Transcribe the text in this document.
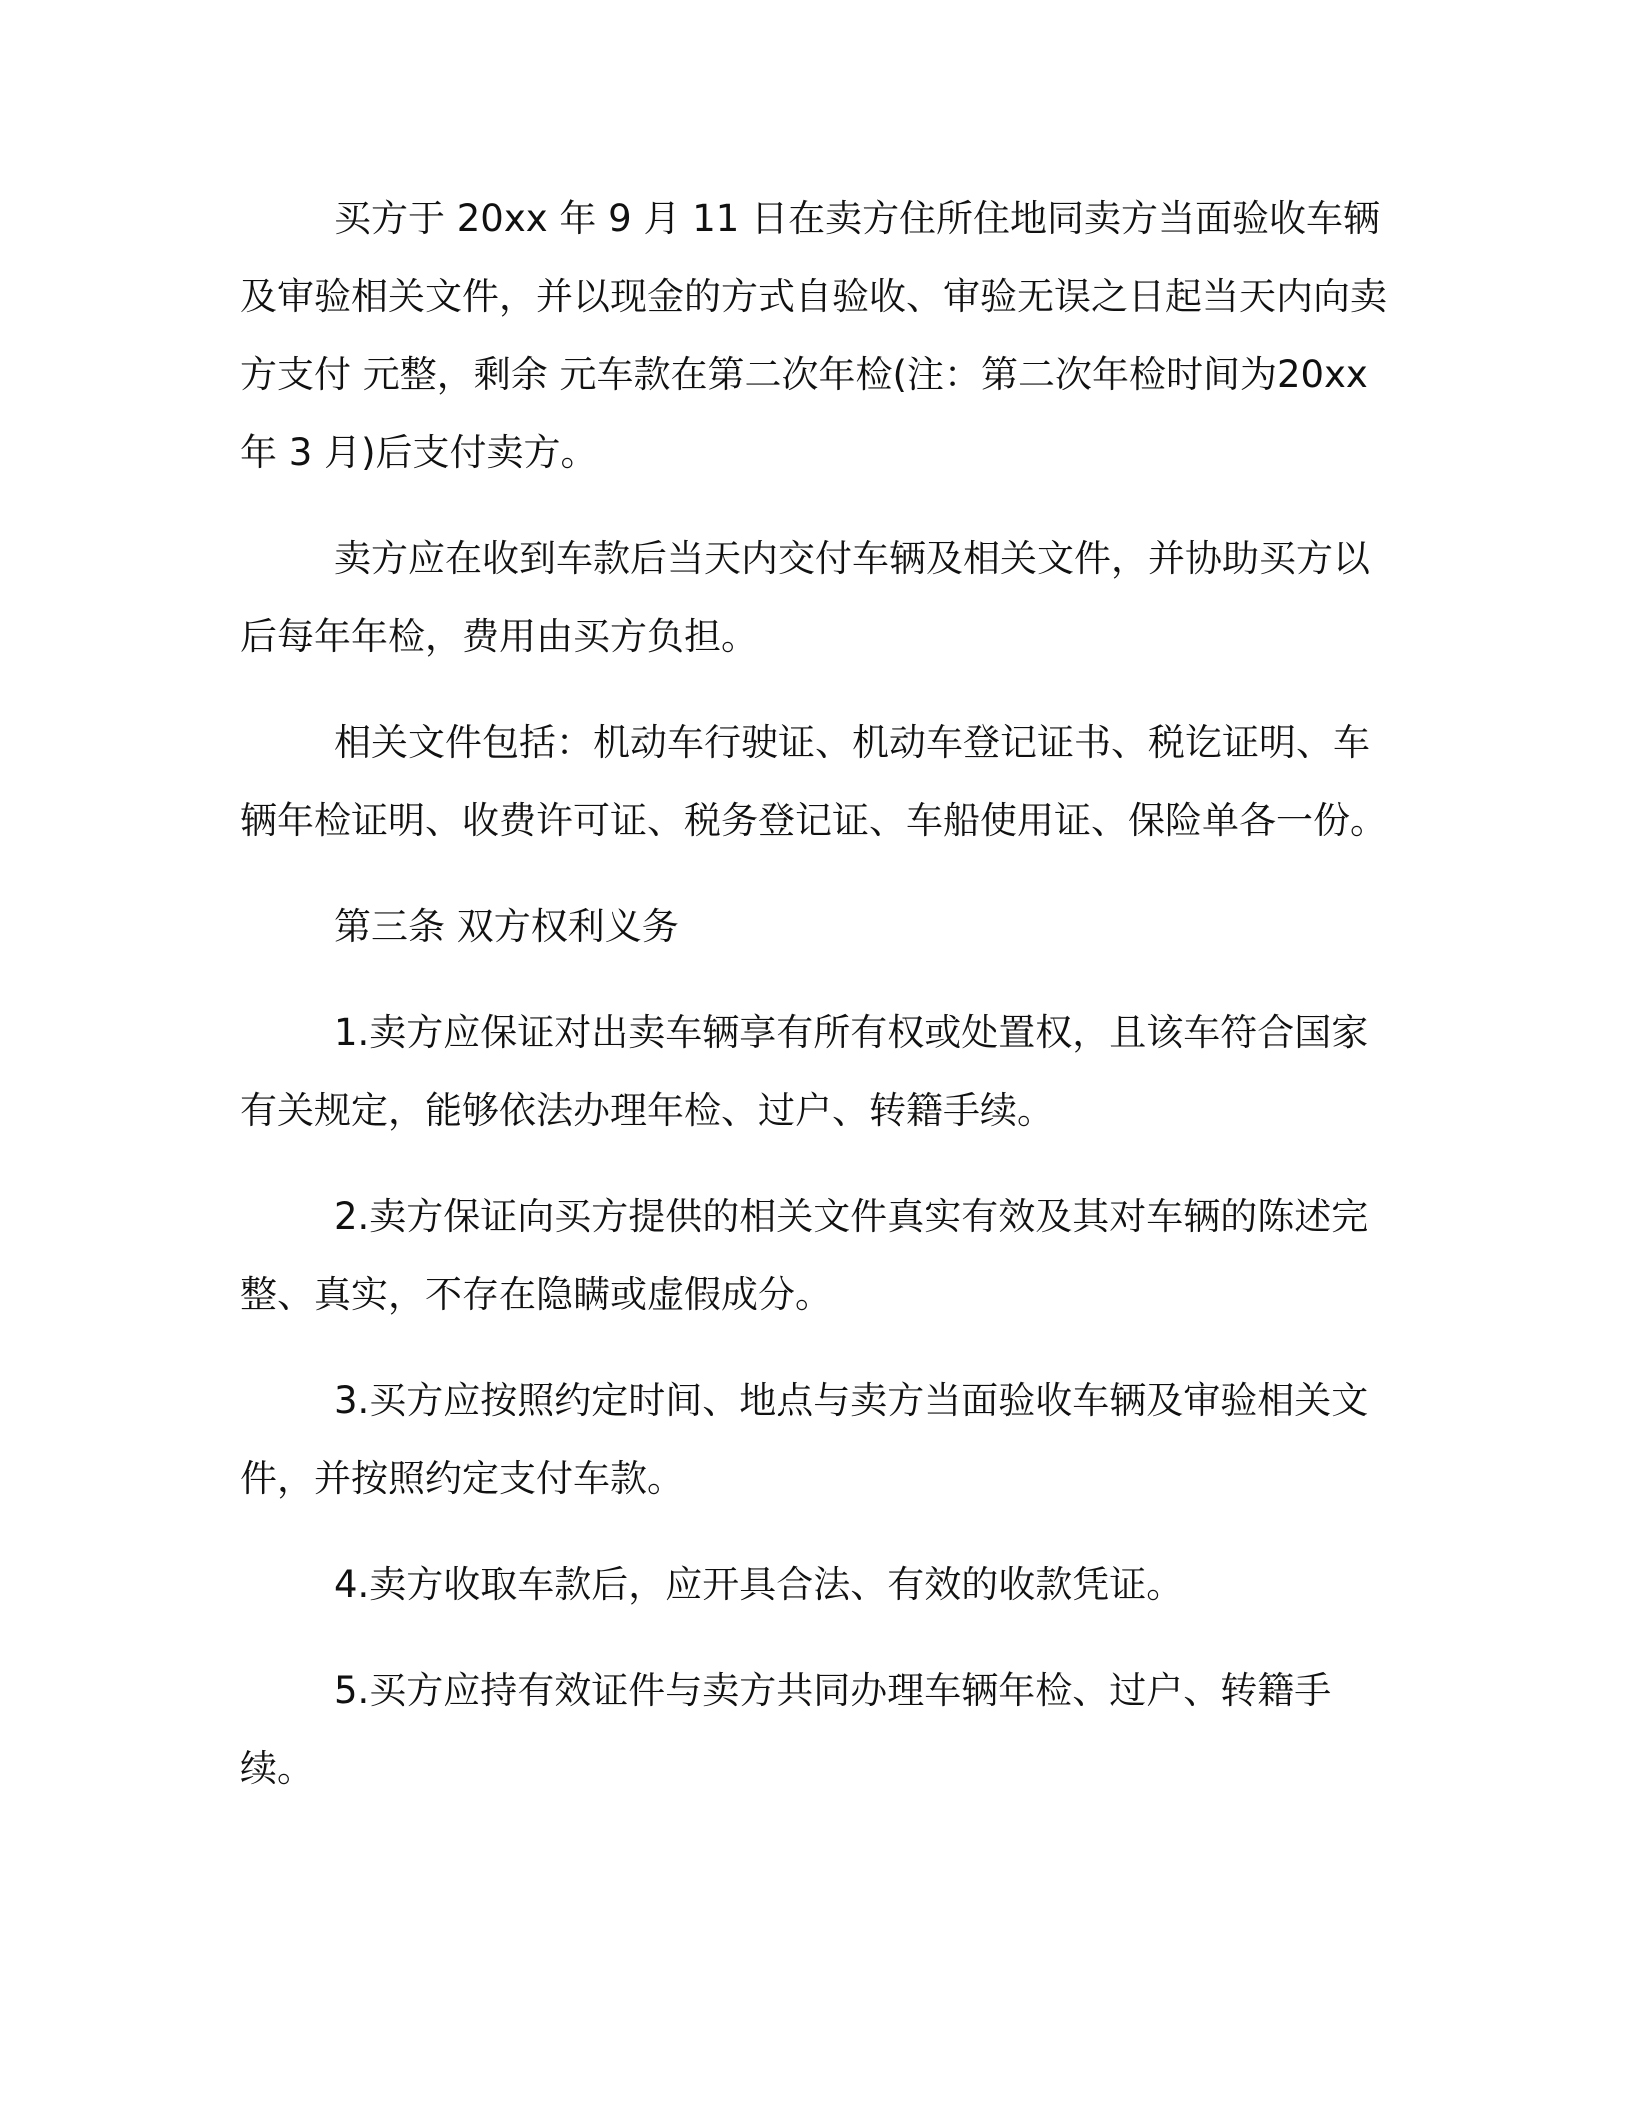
买方于 20xx 年 9 月 11 日在卖方住所住地同卖方当面验收车辆及审验相关文件，并以现金的方式自验收、审验无误之日起当天内向卖方支付 元整，剩余 元车款在第二次年检(注：第二次年检时间为20xx 年 3 月)后支付卖方。

卖方应在收到车款后当天内交付车辆及相关文件，并协助买方以后每年年检，费用由买方负担。

相关文件包括：机动车行驶证、机动车登记证书、税讫证明、车辆年检证明、收费许可证、税务登记证、车船使用证、保险单各一份。

第三条 双方权利义务

1.卖方应保证对出卖车辆享有所有权或处置权，且该车符合国家有关规定，能够依法办理年检、过户、转籍手续。

2.卖方保证向买方提供的相关文件真实有效及其对车辆的陈述完整、真实，不存在隐瞒或虚假成分。

3.买方应按照约定时间、地点与卖方当面验收车辆及审验相关文件，并按照约定支付车款。

4.卖方收取车款后，应开具合法、有效的收款凭证。

5.买方应持有效证件与卖方共同办理车辆年检、过户、转籍手续。
